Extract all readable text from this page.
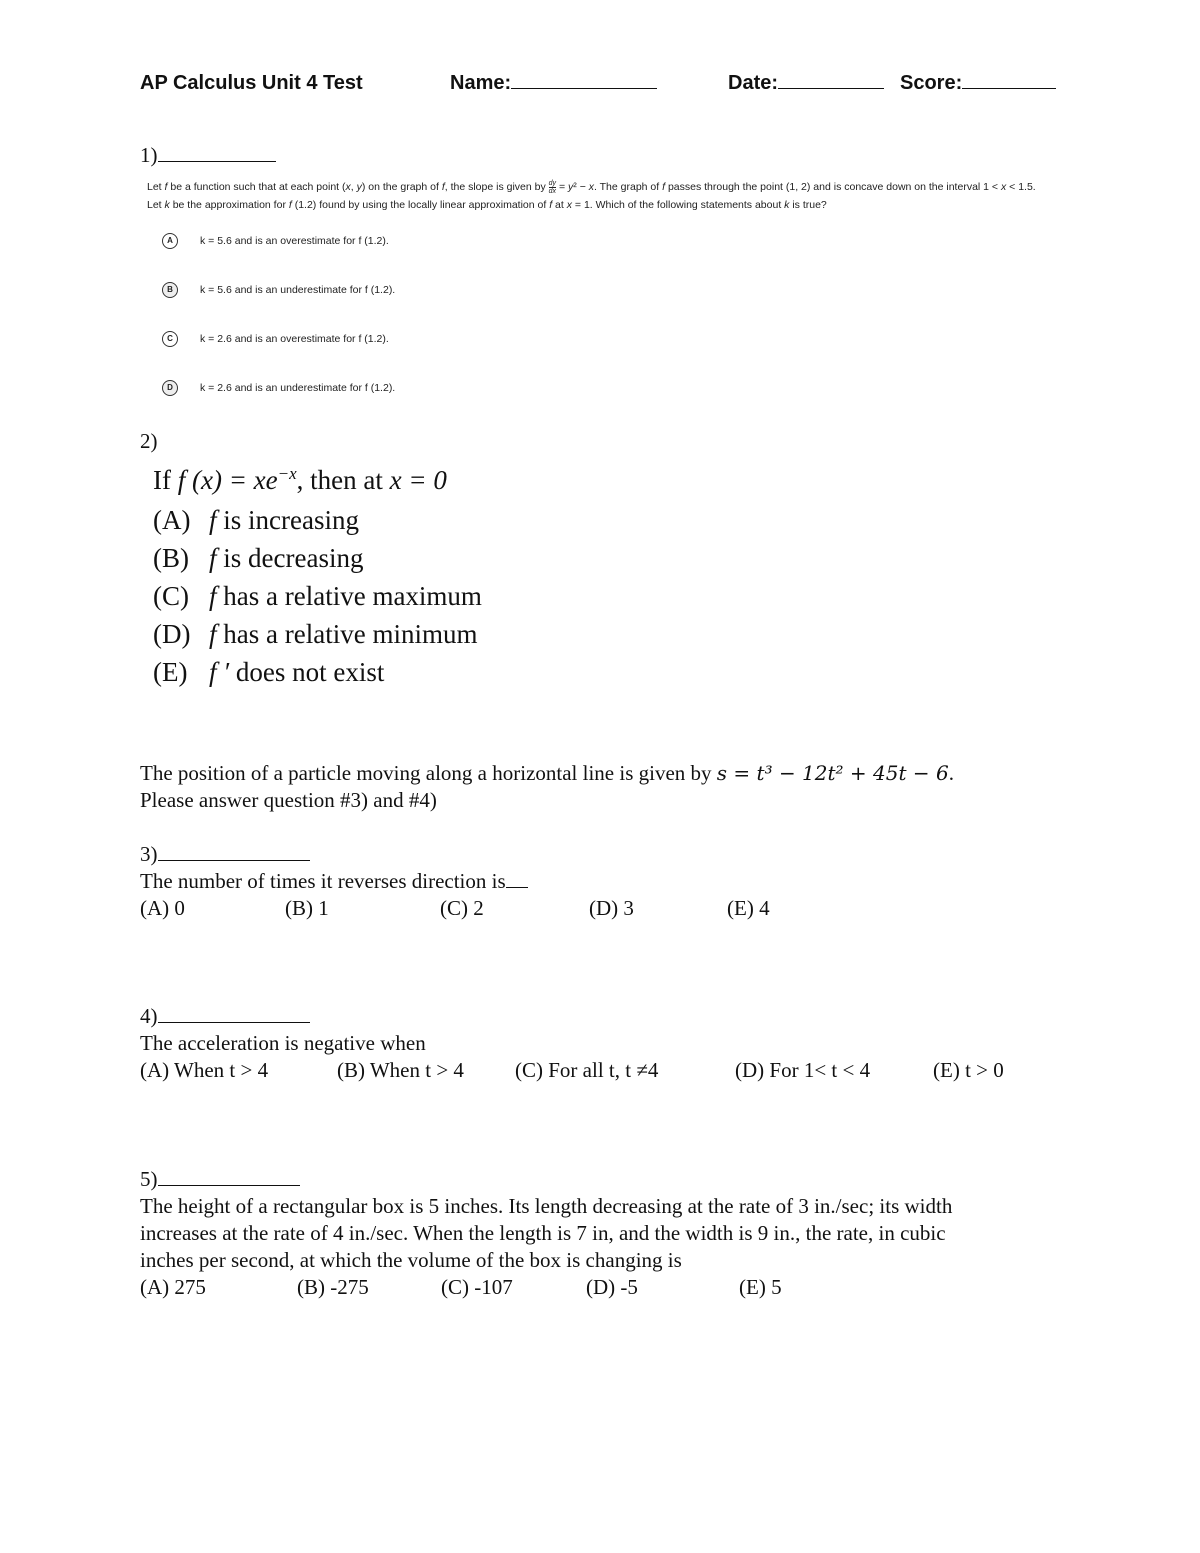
AP Calculus Unit 4 Test	Name:	Date:	Score:
1)
Let f be a function such that at each point (x, y) on the graph of f, the slope is given by $\frac{dy}{dx} = y^2 - x$. The graph of f passes through the point (1, 2) and is concave down on the interval 1 < x < 1.5.
Let k be the approximation for f (1.2) found by using the locally linear approximation of f at x = 1. Which of the following statements about k is true?
A	k = 5.6 and is an overestimate for f (1.2).
B	k = 5.6 and is an underestimate for f (1.2).
C	k = 2.6 and is an overestimate for f (1.2).
D	k = 2.6 and is an underestimate for f (1.2).
2)
If f $(x) = xe^{-x}$, then at x = 0
(A) f is increasing
(B) f is decreasing
(C) f has a relative maximum
(D) f has a relative minimum
(E) f ′ does not exist
The position of a particle moving along a horizontal line is given by s = t³ − 12t² + 45t − 6.
Please answer question #3) and #4)
3)
The number of times it reverses direction is
(A) 0	(B) 1	(C) 2	(D) 3	(E) 4
4)
The acceleration is negative when
(A) When t > 4	(B) When t > 4 (C) For all t, t ≠4	(D) For 1< t < 4	(E) t > 0
5)
The height of a rectangular box is 5 inches. Its length decreasing at the rate of 3 in./sec; its width
increases at the rate of 4 in./sec. When the length is 7 in, and the width is 9 in., the rate, in cubic
inches per second, at which the volume of the box is changing is
(A) 275	(B) -275	(C) -107	(D) -5	(E) 5
